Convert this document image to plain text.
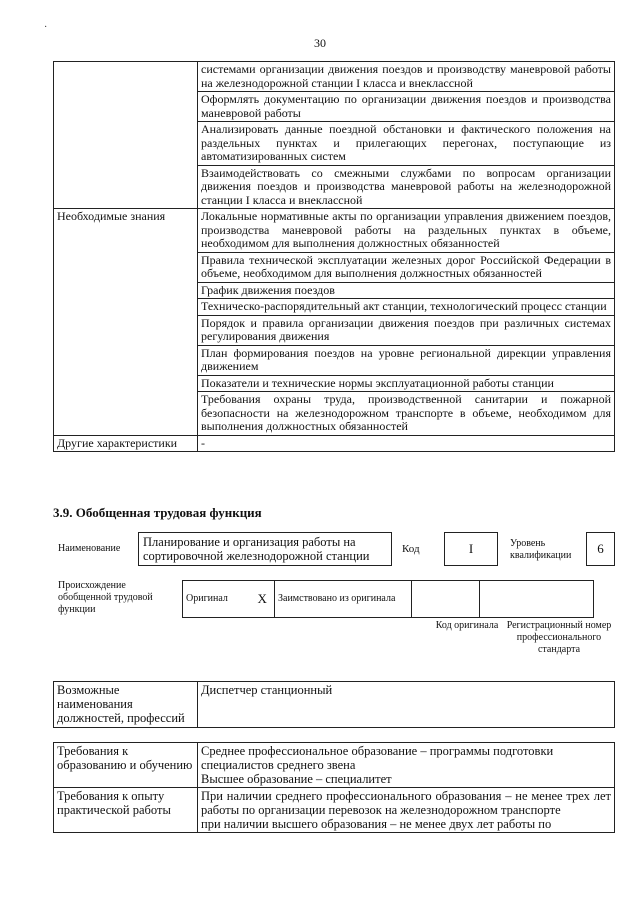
·
30
	системами организации движения поездов и производству маневровой работы на железнодорожной станции I класса и внеклассной
	Оформлять документацию по организации движения поездов и производства маневровой работы
	Анализировать данные поездной обстановки и фактического положения на раздельных пунктах и прилегающих перегонах, поступающие из автоматизированных систем
	Взаимодействовать со смежными службами по вопросам организации движения поездов и производства маневровой работы на железнодорожной станции I класса и внеклассной
Необходимые знания	Локальные нормативные акты по организации управления движением поездов, производства маневровой работы на раздельных пунктах в объеме, необходимом для выполнения должностных обязанностей
	Правила технической эксплуатации железных дорог Российской Федерации в объеме, необходимом для выполнения должностных обязанностей
	График движения поездов
	Техническо-распорядительный акт станции, технологический процесс станции
	Порядок и правила организации движения поездов при различных системах регулирования движения
	План формирования поездов на уровне региональной дирекции управления движением
	Показатели и технические нормы эксплуатационной работы станции
	Требования охраны труда, производственной санитарии и пожарной безопасности на железнодорожном транспорте в объеме, необходимом для выполнения должностных обязанностей
Другие характеристики	-
3.9. Обобщенная трудовая функция
Наименование	Планирование и организация работы на сортировочной железнодорожной станции	Код	I	Уровень квалификации	6
Происхождение обобщенной трудовой функции
Оригинал	X	Заимствовано из оригинала		
Код оригинала Регистрационный номер профессионального стандарта
Возможные наименования должностей, профессий	Диспетчер станционный
Требования к образованию и обучению	Среднее профессиональное образование – программы подготовки специалистов среднего звена
Высшее образование – специалитет

Требования к опыту практической работы	При наличии среднего профессионального образования – не менее трех лет работы по организации перевозок на железнодорожном транспорте
при наличии высшего образования – не менее двух лет работы по
